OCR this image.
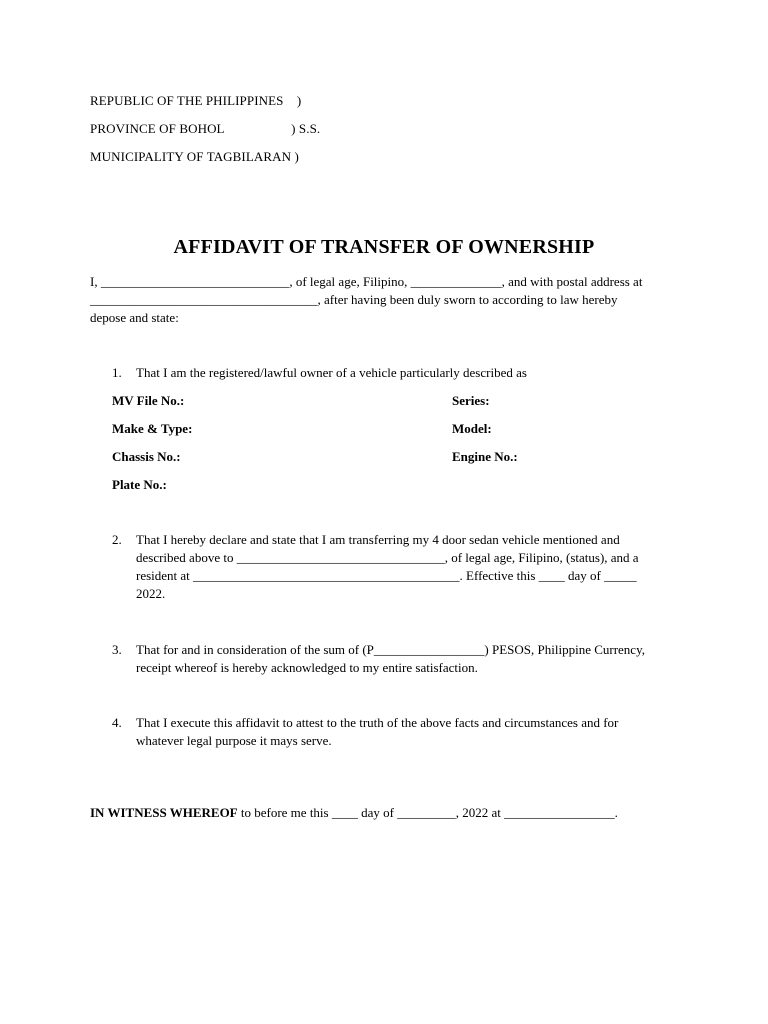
REPUBLIC OF THE PHILIPPINES    )
PROVINCE OF BOHOL                    ) S.S.
MUNICIPALITY OF TAGBILARAN )
AFFIDAVIT OF TRANSFER OF OWNERSHIP
I, _____________________________, of legal age, Filipino, ______________, and with postal address at
___________________________________, after having been duly sworn to according to law hereby
depose and state:
1.	That I am the registered/lawful owner of a vehicle particularly described as
MV File No.:	Series:
Make & Type:	Model:
Chassis No.:	Engine No.:
Plate No.:
2.	That I hereby declare and state that I am transferring my 4 door sedan vehicle mentioned and
described above to ________________________________, of legal age, Filipino, (status), and a
resident at _________________________________________. Effective this ____ day of _____
2022.
3.	That for and in consideration of the sum of (P_________________) PESOS, Philippine Currency,
receipt whereof is hereby acknowledged to my entire satisfaction.
4.	That I execute this affidavit to attest to the truth of the above facts and circumstances and for
whatever legal purpose it mays serve.
IN WITNESS WHEREOF to before me this ____ day of _________, 2022 at _________________.
